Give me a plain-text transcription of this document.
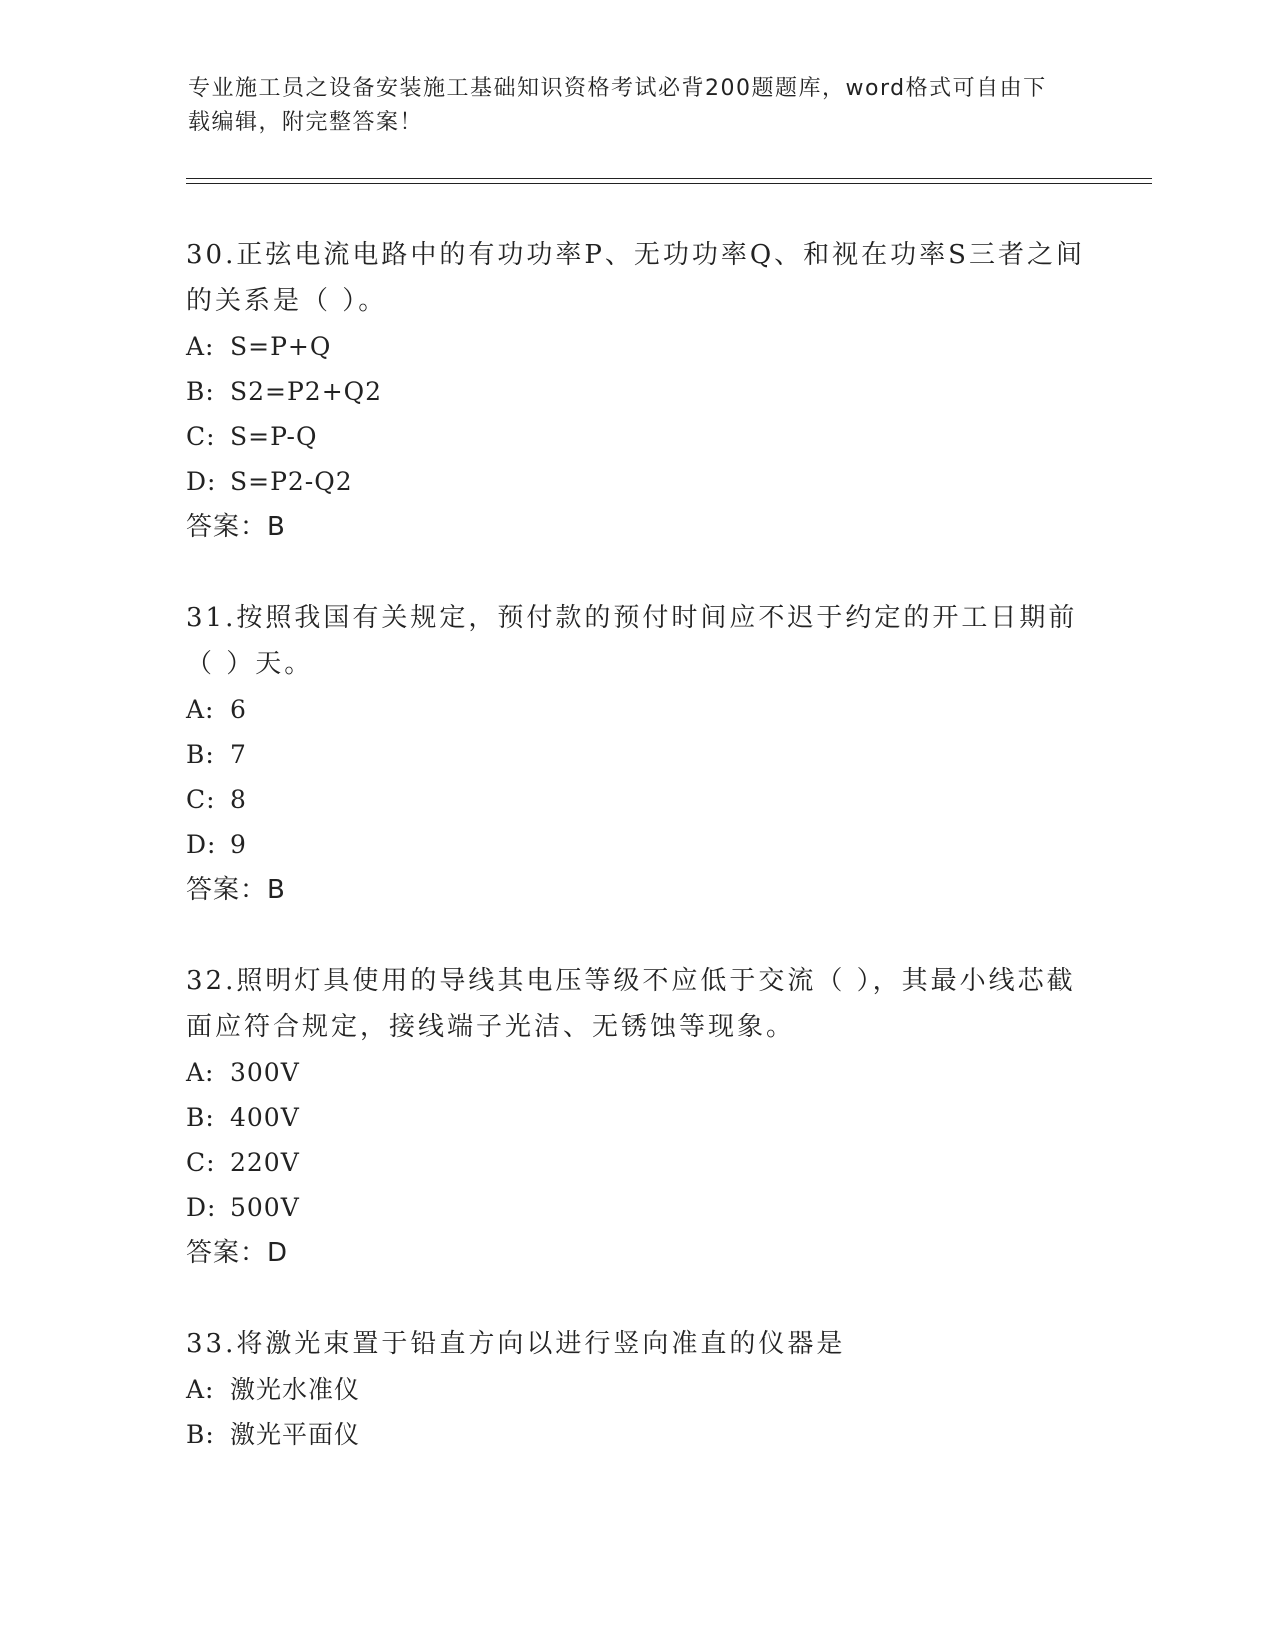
专业施工员之设备安装施工基础知识资格考试必背200题题库，word格式可自由下载编辑，附完整答案！

30.正弦电流电路中的有功功率P、无功功率Q、和视在功率S三者之间的关系是（ ）。

A: S=P+Q

B: S2=P2+Q2

C: S=P-Q

D: S=P2-Q2

答案：B

31.按照我国有关规定，预付款的预付时间应不迟于约定的开工日期前（ ）天。

A: 6

B: 7

C: 8

D: 9

答案：B

32.照明灯具使用的导线其电压等级不应低于交流（ ），其最小线芯截面应符合规定，接线端子光洁、无锈蚀等现象。

A: 300V

B: 400V

C: 220V

D: 500V

答案：D

33.将激光束置于铅直方向以进行竖向准直的仪器是

A: 激光水准仪

B: 激光平面仪
